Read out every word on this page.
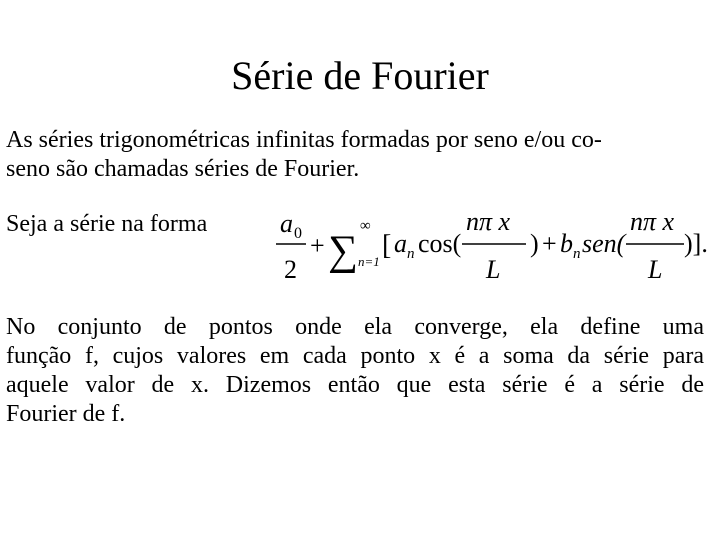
Série de Fourier
As séries trigonométricas infinitas formadas por seno e/ou co-
seno são chamadas séries de Fourier.
Seja a série na forma	a 0
2
+ ∑
∞
n=1
[ a n cos(
nπ x
L
) + b n sen(
nπ x
L
)].
No conjunto de pontos onde ela converge, ela define uma
função f, cujos valores em cada ponto x é a soma da série para
aquele valor de x. Dizemos então que esta série é a série de
Fourier de f.
